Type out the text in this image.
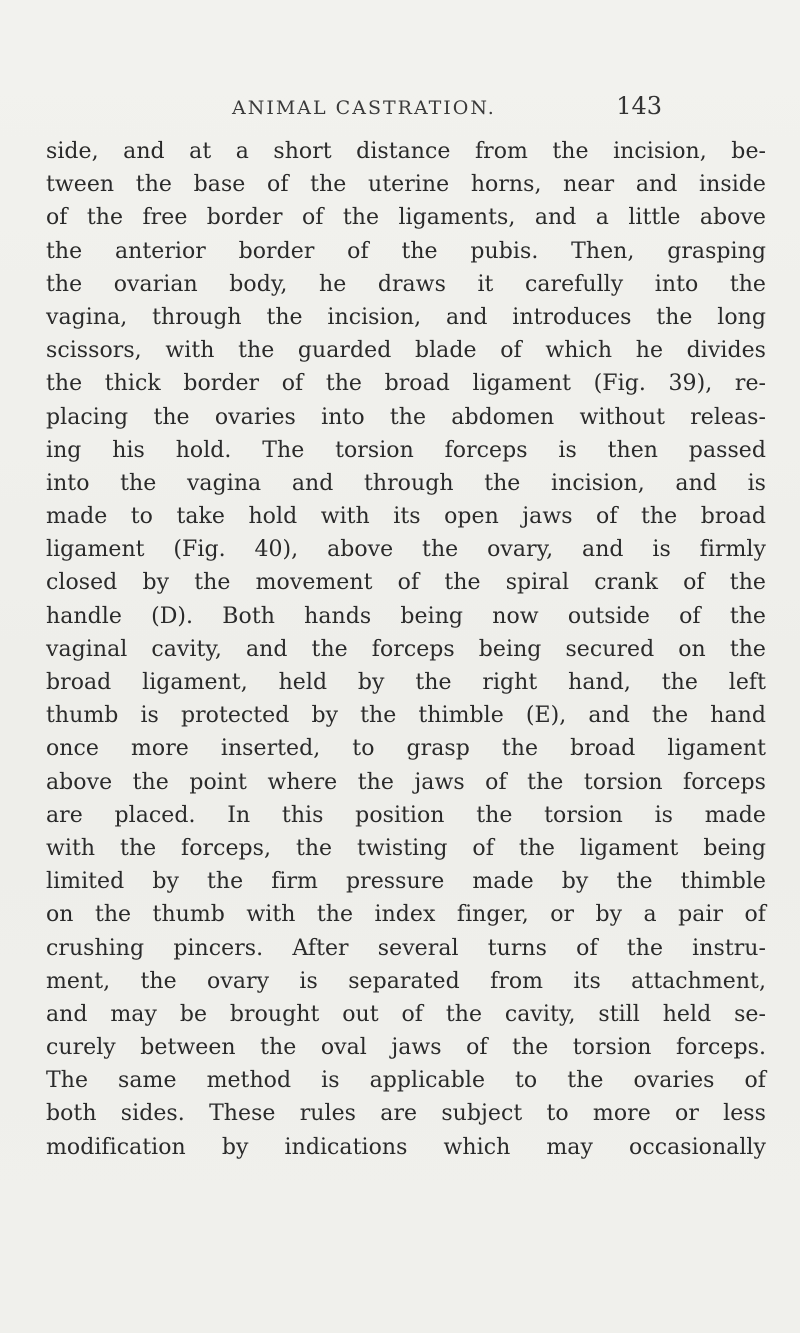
ANIMAL CASTRATION.	143
side, and at a short distance from the incision, be-
tween the base of the uterine horns, near and inside
of the free border of the ligaments, and a little above
the anterior border of the pubis. Then, grasping
the ovarian body, he draws it carefully into the
vagina, through the incision, and introduces the long
scissors, with the guarded blade of which he divides
the thick border of the broad ligament (Fig. 39), re-
placing the ovaries into the abdomen without releas-
ing his hold. The torsion forceps is then passed
into the vagina and through the incision, and is
made to take hold with its open jaws of the broad
ligament (Fig. 40), above the ovary, and is firmly
closed by the movement of the spiral crank of the
handle (D). Both hands being now outside of the
vaginal cavity, and the forceps being secured on the
broad ligament, held by the right hand, the left
thumb is protected by the thimble (E), and the hand
once more inserted, to grasp the broad ligament
above the point where the jaws of the torsion forceps
are placed. In this position the torsion is made
with the forceps, the twisting of the ligament being
limited by the firm pressure made by the thimble
on the thumb with the index finger, or by a pair of
crushing pincers. After several turns of the instru-
ment, the ovary is separated from its attachment,
and may be brought out of the cavity, still held se-
curely between the oval jaws of the torsion forceps.
The same method is applicable to the ovaries of
both sides. These rules are subject to more or less
modification by indications which may occasionally
